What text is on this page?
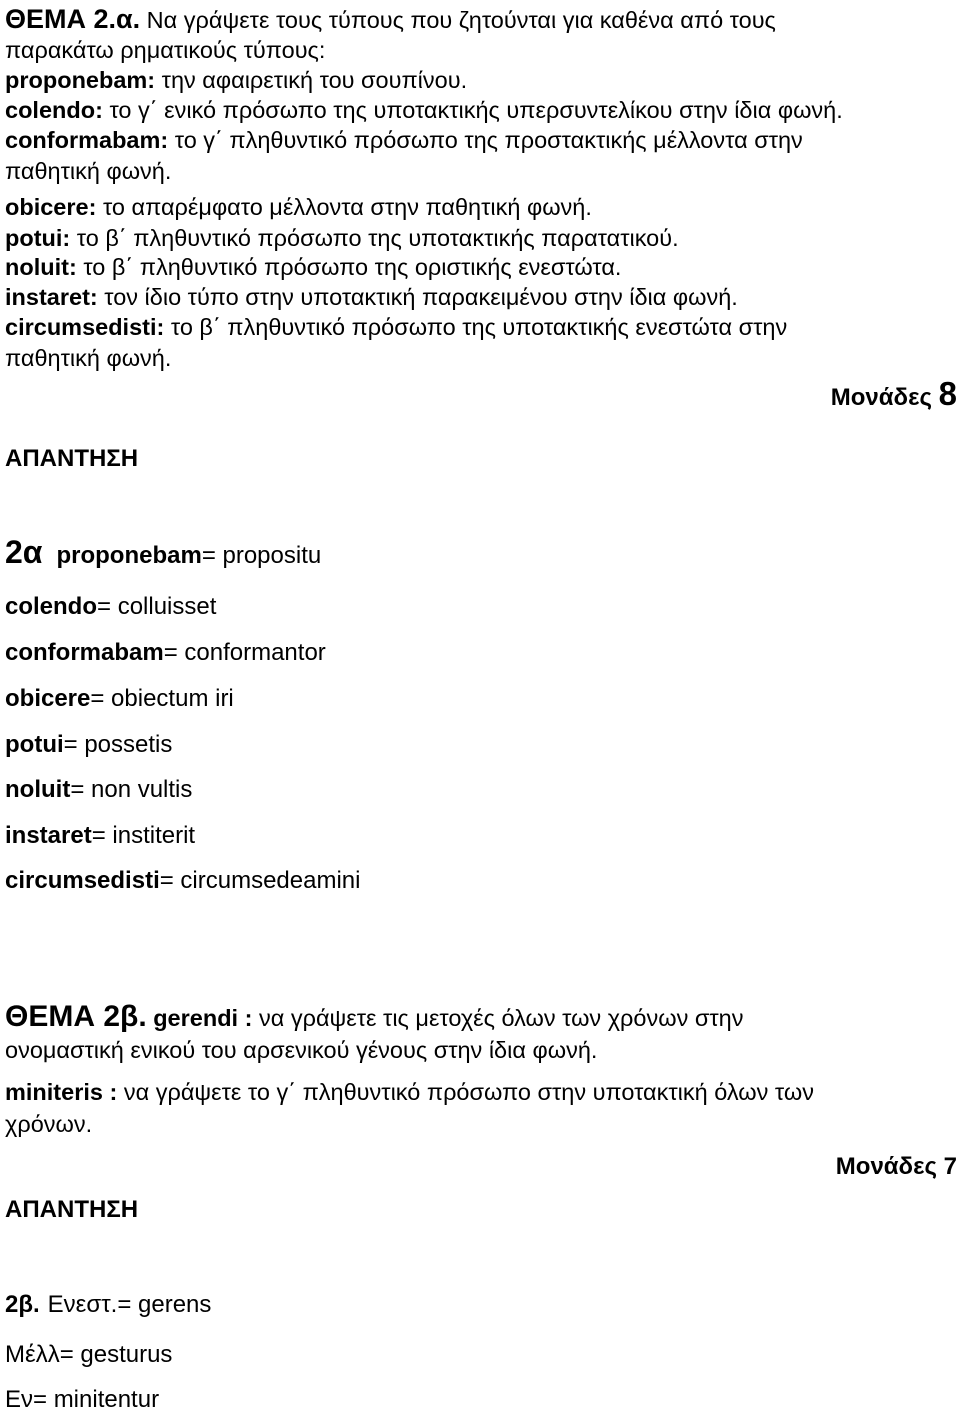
ΘΕΜΑ 2.α. Να γράψετε τους τύπους που ζητούνται για καθένα από τους
παρακάτω ρηματικούς τύπους:
proponebam: την αφαιρετική του σουπίνου.
colendo: το γ΄ ενικό πρόσωπο της υποτακτικής υπερσυντελίκου στην ίδια φωνή.
conformabam: το γ΄ πληθυντικό πρόσωπο της προστακτικής μέλλοντα στην
παθητική φωνή.
obicere: το απαρέμφατο μέλλοντα στην παθητική φωνή.
potui: το β΄ πληθυντικό πρόσωπο της υποτακτικής παρατατικού.
noluit: το β΄ πληθυντικό πρόσωπο της οριστικής ενεστώτα.
instaret: τον ίδιο τύπο στην υποτακτική παρακειμένου στην ίδια φωνή.
circumsedisti: το β΄ πληθυντικό πρόσωπο της υποτακτικής ενεστώτα στην
παθητική φωνή.
Μονάδες 8
ΑΠΑΝΤΗΣΗ
2α proponebam= propositu
colendo= colluisset
conformabam= conformantor
obicere= obiectum iri
potui= possetis
noluit= non vultis
instaret= instit​erit
circumsedisti= circumsedeamini
ΘΕΜΑ 2β. gerendi : να γράψετε τις μετοχές όλων των χρόνων στην
ονομαστική ενικού του αρσενικού γένους στην ίδια φωνή.
miniteris : να γράψετε το γ΄ πληθυντικό πρόσωπο στην υποτακτική όλων των
χρόνων.
Μονάδες 7
ΑΠΑΝΤΗΣΗ
2β. Ενεστ.= gerens
Μέλλ= gesturus
Εν= minitentur
